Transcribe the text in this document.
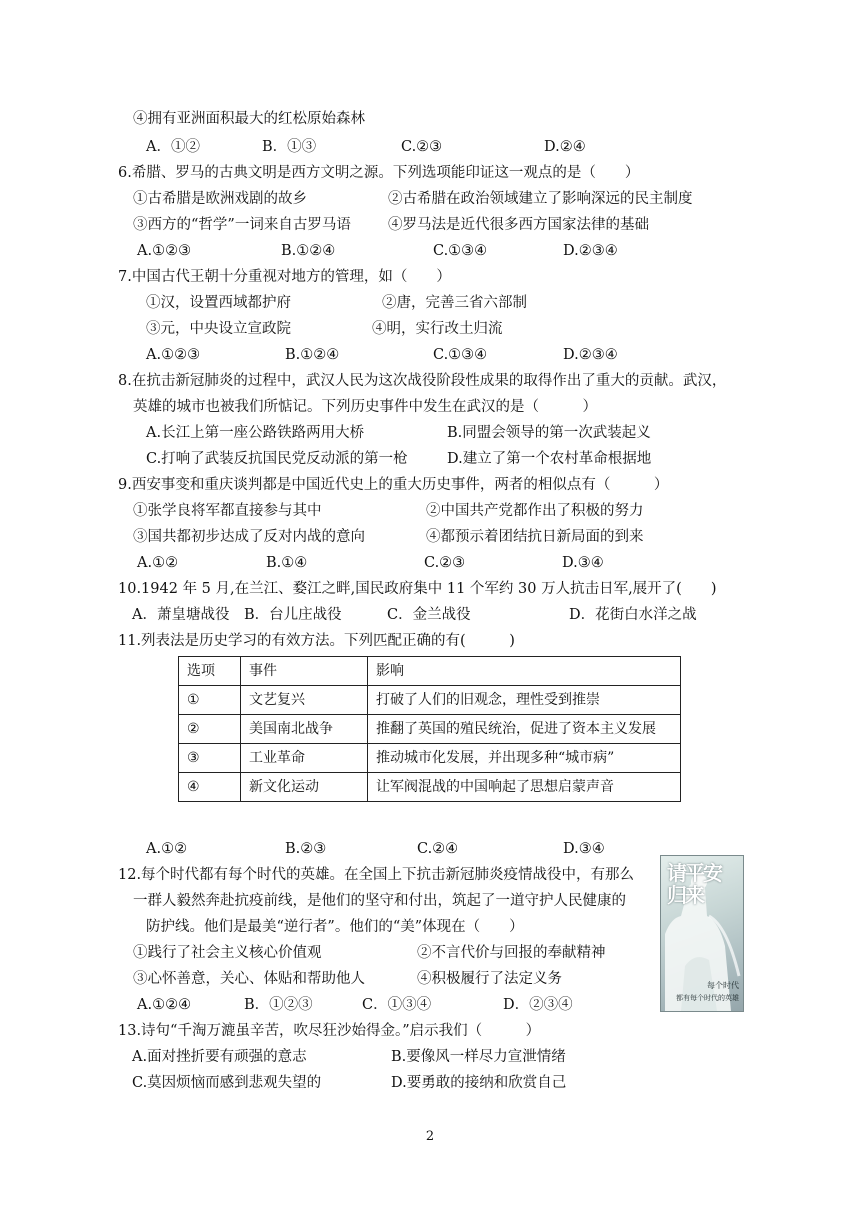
④拥有亚洲面积最大的红松原始森林
A．①②	B．①③	C.②③	D.②④
6.希腊、罗马的古典文明是西方文明之源。下列选项能印证这一观点的是（　　）
①古希腊是欧洲戏剧的故乡	②古希腊在政治领域建立了影响深远的民主制度
③西方的“哲学”一词来自古罗马语	④罗马法是近代很多西方国家法律的基础
A.①②③	B.①②④	C.①③④	D.②③④
7.中国古代王朝十分重视对地方的管理，如（　　）
①汉，设置西域都护府	②唐，完善三省六部制
③元，中央设立宣政院	④明，实行改土归流
A.①②③	B.①②④	C.①③④	D.②③④
8.在抗击新冠肺炎的过程中，武汉人民为这次战役阶段性成果的取得作出了重大的贡献。武汉，
英雄的城市也被我们所惦记。下列历史事件中发生在武汉的是（　　　）
A.长江上第一座公路铁路两用大桥	B.同盟会领导的第一次武装起义
C.打响了武装反抗国民党反动派的第一枪	D.建立了第一个农村革命根据地
9.西安事变和重庆谈判都是中国近代史上的重大历史事件，两者的相似点有（　　　）
①张学良将军都直接参与其中	②中国共产党都作出了积极的努力
③国共都初步达成了反对内战的意向	④都预示着团结抗日新局面的到来
A.①②	B.①④	C.②③	D.③④
10.1942 年 5 月,在兰江、婺江之畔,国民政府集中 11 个军约 30 万人抗击日军,展开了(　　)
A．萧皇塘战役 B．台儿庄战役	C．金兰战役	D．花街白水洋之战
11.列表法是历史学习的有效方法。下列匹配正确的有(　　　)
选项	事件	影响
①	文艺复兴	打破了人们的旧观念，理性受到推崇
②	美国南北战争	推翻了英国的殖民统治，促进了资本主义发展
③	工业革命	推动城市化发展，并出现多种“城市病”
④	新文化运动	让军阀混战的中国响起了思想启蒙声音
A.①②	B.②③	C.②④	D.③④
12.每个时代都有每个时代的英雄。在全国上下抗击新冠肺炎疫情战役中，有那么
一群人毅然奔赴抗疫前线，是他们的坚守和付出，筑起了一道守护人民健康的
防护线。他们是最美“逆行者”。他们的“美”体现在（　　）
①践行了社会主义核心价值观	②不言代价与回报的奉献精神
③心怀善意，关心、体贴和帮助他人	④积极履行了法定义务
A.①②④	B．①②③	C．①③④	D．②③④
请平安归来
每个时代
都有每个时代的英雄
13.诗句“千淘万漉虽辛苦，吹尽狂沙始得金。”启示我们（　　　）
A.面对挫折要有顽强的意志	B.要像风一样尽力宣泄情绪
C.莫因烦恼而感到悲观失望的	D.要勇敢的接纳和欣赏自己
2
